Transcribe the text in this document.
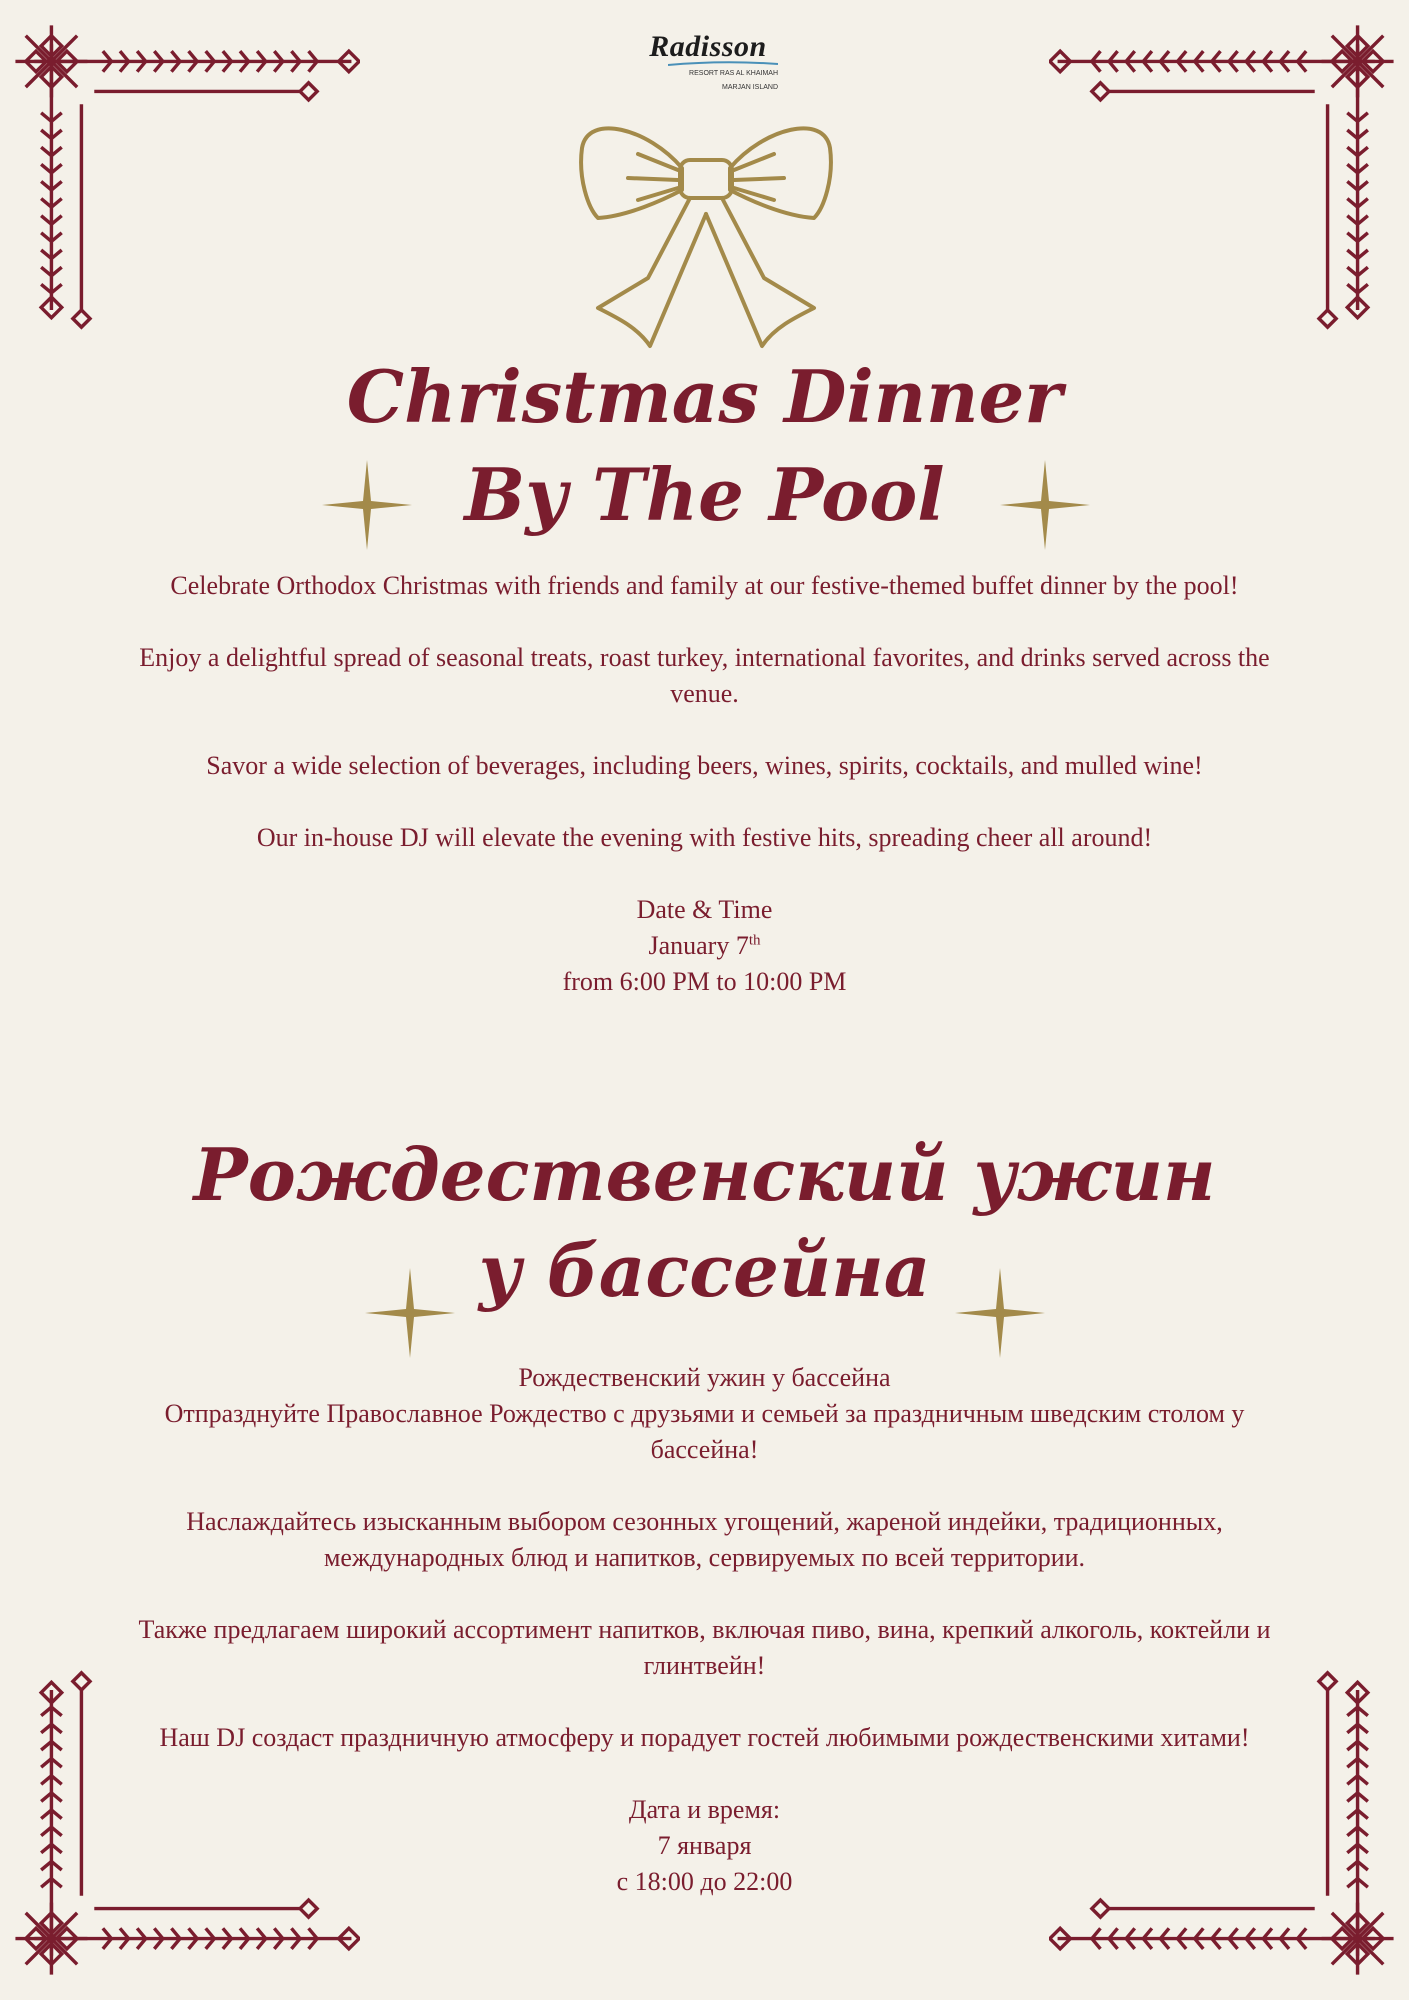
Radisson
RESORT RAS AL KHAIMAH
MARJAN ISLAND
Christmas Dinner
By The Pool

Celebrate Orthodox Christmas with friends and family at our festive-themed buffet dinner by the pool!

Enjoy a delightful spread of seasonal treats, roast turkey, international favorites, and drinks served across the venue.

Savor a wide selection of beverages, including beers, wines, spirits, cocktails, and mulled wine!

Our in-house DJ will elevate the evening with festive hits, spreading cheer all around!

Date & Time

January 7th

from 6:00 PM to 10:00 PM

Рождественский ужин
у бассейна

Рождественский ужин у бассейна

Отпразднуйте Православное Рождество с друзьями и семьей за праздничным шведским столом у бассейна!

Наслаждайтесь изысканным выбором сезонных угощений, жареной индейки, традиционных, международных блюд и напитков, сервируемых по всей территории.

Также предлагаем широкий ассортимент напитков, включая пиво, вина, крепкий алкоголь, коктейли и глинтвейн!

Наш DJ создаст праздничную атмосферу и порадует гостей любимыми рождественскими хитами!

Дата и время:

7 января

с 18:00 до 22:00
